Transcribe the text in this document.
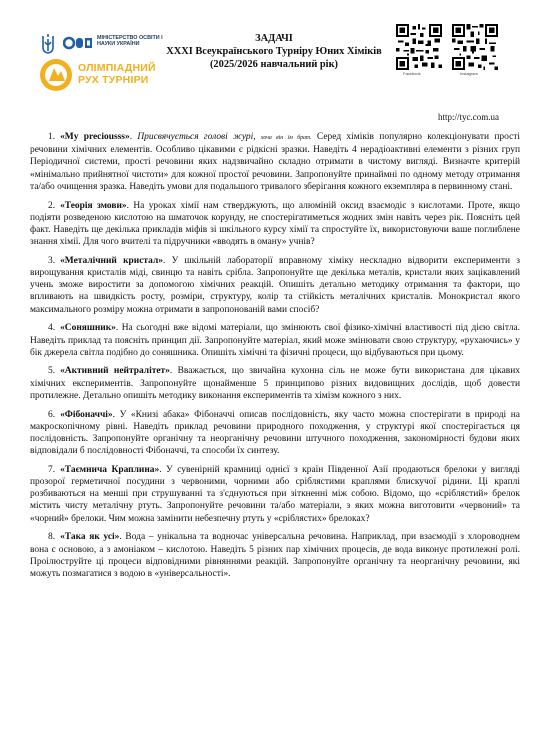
МІНІСТЕРСТВО ОСВІТИ І НАУКИ УКРАЇНИ
ОЛІМПІАДНИЙ
РУХ ТУРНІРИ
ЗАДАЧІ
XXXI Всеукраїнського Турніру Юних Хіміків
(2025/2026 навчальний рік)
Facebook	Instagram
http://tyc.com.ua

1. «My preciousss». Присвячується голові журі, хоча він їм брат. Серед хіміків популярно колекціонувати прості речовини хімічних елементів. Особливо цікавими є рідкісні зразки. Наведіть 4 нерадіоактивні елементи з різних груп Періодичної системи, прості речовини яких надзвичайно складно отримати в чистому вигляді. Визначте критерій «мінімально прийнятної чистоти» для кожної простої речовини. Запропонуйте принаймні по одному методу отримання та/або очищення зразка. Наведіть умови для подальшого тривалого зберігання кожного екземпляра в первинному стані.

2. «Теорія змови». На уроках хімії нам стверджують, що алюміній оксид взаємодіє з кислотами. Проте, якщо подіяти розведеною кислотою на шматочок корунду, не спостерігатиметься жодних змін навіть через рік. Поясніть цей факт. Наведіть ще декілька прикладів міфів зі шкільного курсу хімії та спростуйте їх, використовуючи ваше поглиблене знання хімії. Для чого вчителі та підручники «вводять в оману» учнів?

3. «Металічний кристал». У шкільній лабораторії вправному хіміку нескладно відворити експерименти з вирощування кристалів міді, свинцю та навіть срібла. Запропонуйте ще декілька металів, кристали яких зацікавлений учень зможе виростити за допомогою хімічних реакцій. Опишіть детально методику отримання та фактори, що впливають на швидкість росту, розміри, структуру, колір та стійкість металічних кристалів. Монокристал якого максимального розміру можна отримати в запропонованій вами спосіб?

4. «Соняшник». На сьогодні вже відомі матеріали, що змінюють свої фізико-хімічні властивості під дією світла. Наведіть приклад та поясніть принцип дії. Запропонуйте матеріал, який може змінювати свою структуру, «рухаючись» у бік джерела світла подібно до соняшника. Опишіть хімічні та фізичні процеси, що відбуваються при цьому.

5. «Активний нейтралітет». Вважається, що звичайна кухонна сіль не може бути використана для цікавих хімічних експериментів. Запропонуйте щонайменше 5 принципово різних видовищних дослідів, щоб довести протилежне. Детально опишіть методику виконання експериментів та хімізм кожного з них.

6. «Фібоначчі». У «Книзі абака» Фібоначчі описав послідовність, яку часто можна спостерігати в природі на макроскопічному рівні. Наведіть приклад речовини природного походження, у структурі якої спостерігається ця послідовність. Запропонуйте органічну та неорганічну речовини штучного походження, закономірності будови яких відповідали б послідовності Фібоначчі, та способи їх синтезу.

7. «Таємнича Краплина». У сувенірній крамниці однієї з країн Південної Азії продаються брелоки у вигляді прозорої герметичної посудини з червоними, чорними або сріблястими краплями блискучої рідини. Ці краплі розбиваються на менші при струшуванні та з'єднуються при зіткненні між собою. Відомо, що «сріблястий» брелок містить чисту металічну ртуть. Запропонуйте речовини та/або матеріали, з яких можна виготовити «червоний» та «чорний» брелоки. Чим можна замінити небезпечну ртуть у «сріблястих» брелоках?

8. «Така як усі». Вода – унікальна та водночас універсальна речовина. Наприклад, при взаємодії з хлороводнем вона є основою, а з амоніаком – кислотою. Наведіть 5 різних пар хімічних процесів, де вода виконує протилежні ролі. Проілюструйте ці процеси відповідними рівняннями реакцій. Запропонуйте органічну та неорганічну речовини, які можуть позмагатися з водою в «універсальності».
